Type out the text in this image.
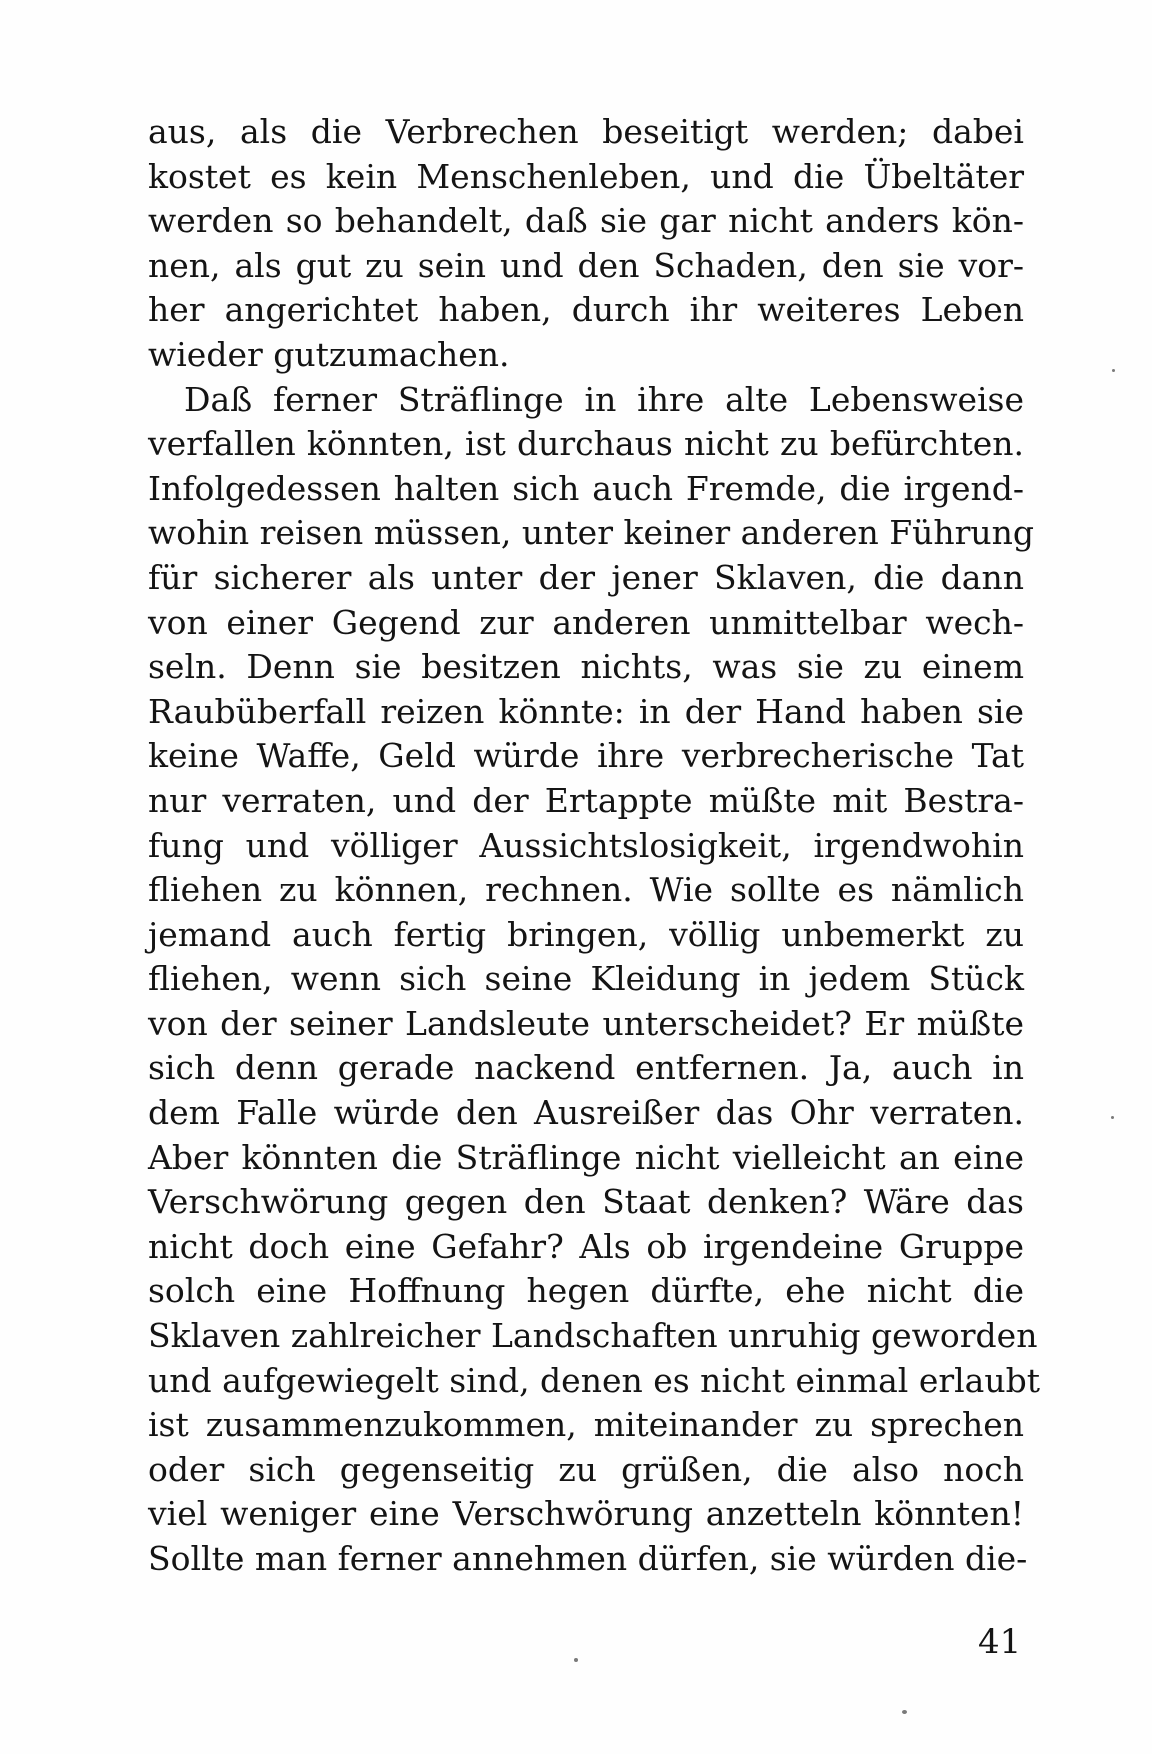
aus, als die Verbrechen beseitigt werden; dabei
kostet es kein Menschenleben, und die Übeltäter
werden so behandelt, daß sie gar nicht anders kön-
nen, als gut zu sein und den Schaden, den sie vor-
her angerichtet haben, durch ihr weiteres Leben
wieder gutzumachen.
Daß ferner Sträflinge in ihre alte Lebensweise
verfallen könnten, ist durchaus nicht zu befürchten.
Infolgedessen halten sich auch Fremde, die irgend-
wohin reisen müssen, unter keiner anderen Führung
für sicherer als unter der jener Sklaven, die dann
von einer Gegend zur anderen unmittelbar wech-
seln. Denn sie besitzen nichts, was sie zu einem
Raubüberfall reizen könnte: in der Hand haben sie
keine Waffe, Geld würde ihre verbrecherische Tat
nur verraten, und der Ertappte müßte mit Bestra-
fung und völliger Aussichtslosigkeit, irgendwohin
fliehen zu können, rechnen. Wie sollte es nämlich
jemand auch fertig bringen, völlig unbemerkt zu
fliehen, wenn sich seine Kleidung in jedem Stück
von der seiner Landsleute unterscheidet? Er müßte
sich denn gerade nackend entfernen. Ja, auch in
dem Falle würde den Ausreißer das Ohr verraten.
Aber könnten die Sträflinge nicht vielleicht an eine
Verschwörung gegen den Staat denken? Wäre das
nicht doch eine Gefahr? Als ob irgendeine Gruppe
solch eine Hoffnung hegen dürfte, ehe nicht die
Sklaven zahlreicher Landschaften unruhig geworden
und aufgewiegelt sind, denen es nicht einmal erlaubt
ist zusammenzukommen, miteinander zu sprechen
oder sich gegenseitig zu grüßen, die also noch
viel weniger eine Verschwörung anzetteln könnten!
Sollte man ferner annehmen dürfen, sie würden die-
41
